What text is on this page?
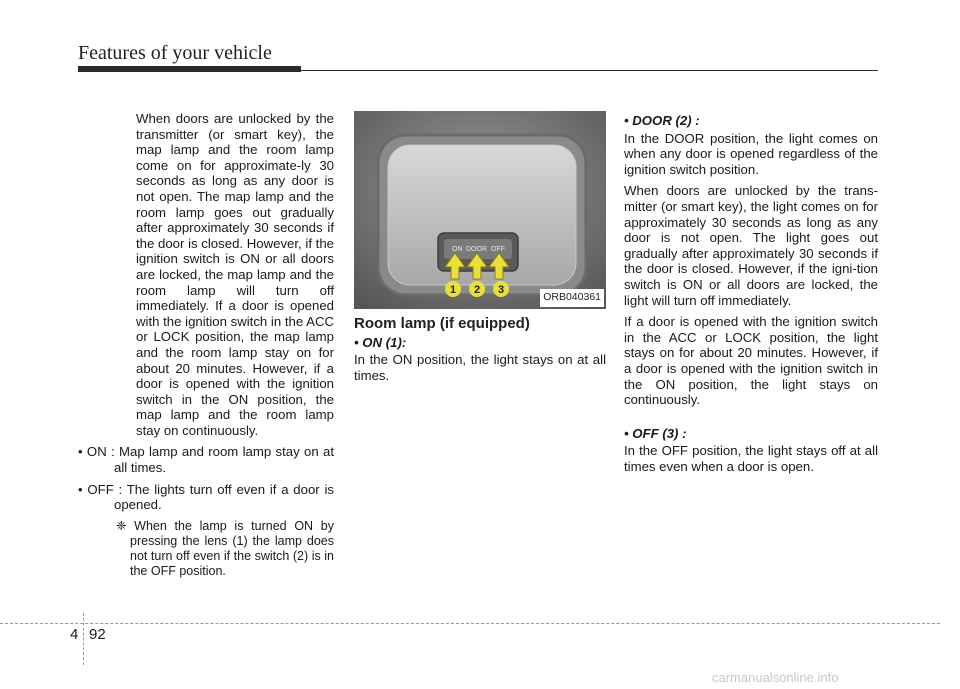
Features of your vehicle

When doors are unlocked by the transmitter (or smart key), the map lamp and the room lamp come on for approximate-ly 30 seconds as long as any door is not open. The map lamp and the room lamp goes out gradually after approximately 30 seconds if the door is closed. However, if the ignition switch is ON or all doors are locked, the map lamp and the room lamp will turn off immediately. If a door is opened with the ignition switch in the ACC or LOCK position, the map lamp and the room lamp stay on for about 20 minutes. However, if a door is opened with the ignition switch in the ON position, the map lamp and the room lamp stay on continuously.

• ON : Map lamp and room lamp stay on at all times.

• OFF : The lights turn off even if a door is opened.

❈ When the lamp is turned ON by pressing the lens (1) the lamp does not turn off even if the switch (2) is in the OFF position.

ON DOOR OFF
1 2 3
ORB040361
Room lamp (if equipped)
• ON (1):

In the ON position, the light stays on at all times.

• DOOR (2) :

In the DOOR position, the light comes on when any door is opened regardless of the ignition switch position.

When doors are unlocked by the trans-mitter (or smart key), the light comes on for approximately 30 seconds as long as any door is not open. The light goes out gradually after approximately 30 seconds if the door is closed. However, if the igni-tion switch is ON or all doors are locked, the light will turn off immediately.

If a door is opened with the ignition switch in the ACC or LOCK position, the light stays on for about 20 minutes. However, if a door is opened with the ignition switch in the ON position, the light stays on continuously.

• OFF (3) :

In the OFF position, the light stays off at all times even when a door is open.

4 92
carmanualsonline.info
